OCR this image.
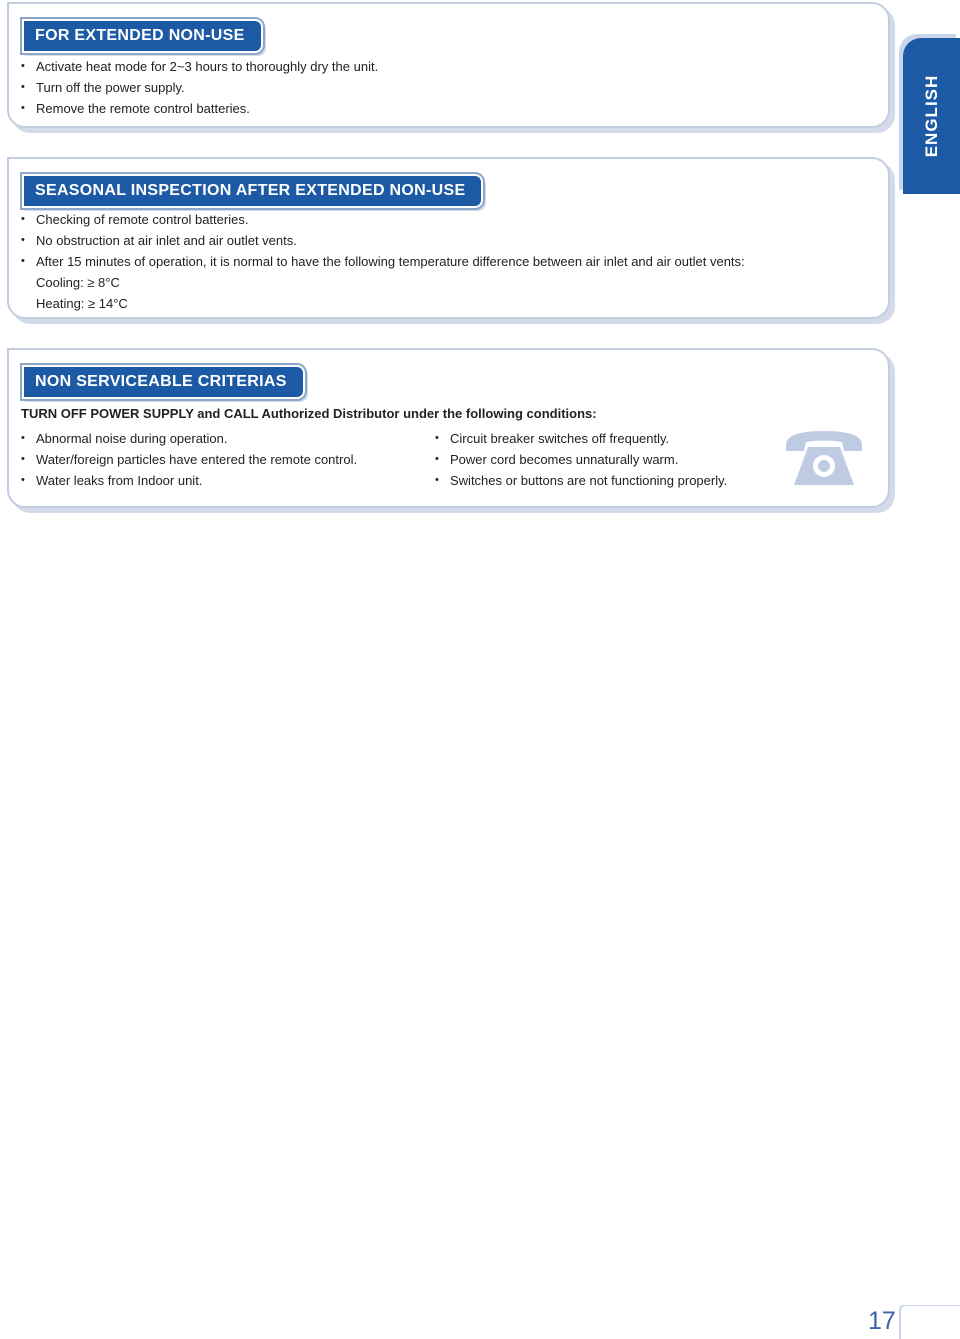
FOR EXTENDED NON-USE
• Activate heat mode for 2~3 hours to thoroughly dry the unit.
• Turn off the power supply.
• Remove the remote control batteries.
SEASONAL INSPECTION AFTER EXTENDED NON-USE
• Checking of remote control batteries.
• No obstruction at air inlet and air outlet vents.
• After 15 minutes of operation, it is normal to have the following temperature difference between air inlet and air outlet vents:
Cooling: ≥ 8°C
Heating: ≥ 14°C
NON SERVICEABLE CRITERIAS
TURN OFF POWER SUPPLY and CALL Authorized Distributor under the following conditions:
• Abnormal noise during operation.
• Water/foreign particles have entered the remote control.
• Water leaks from Indoor unit.
• Circuit breaker switches off frequently.
• Power cord becomes unnaturally warm.
• Switches or buttons are not functioning properly.
ENGLISH
17
